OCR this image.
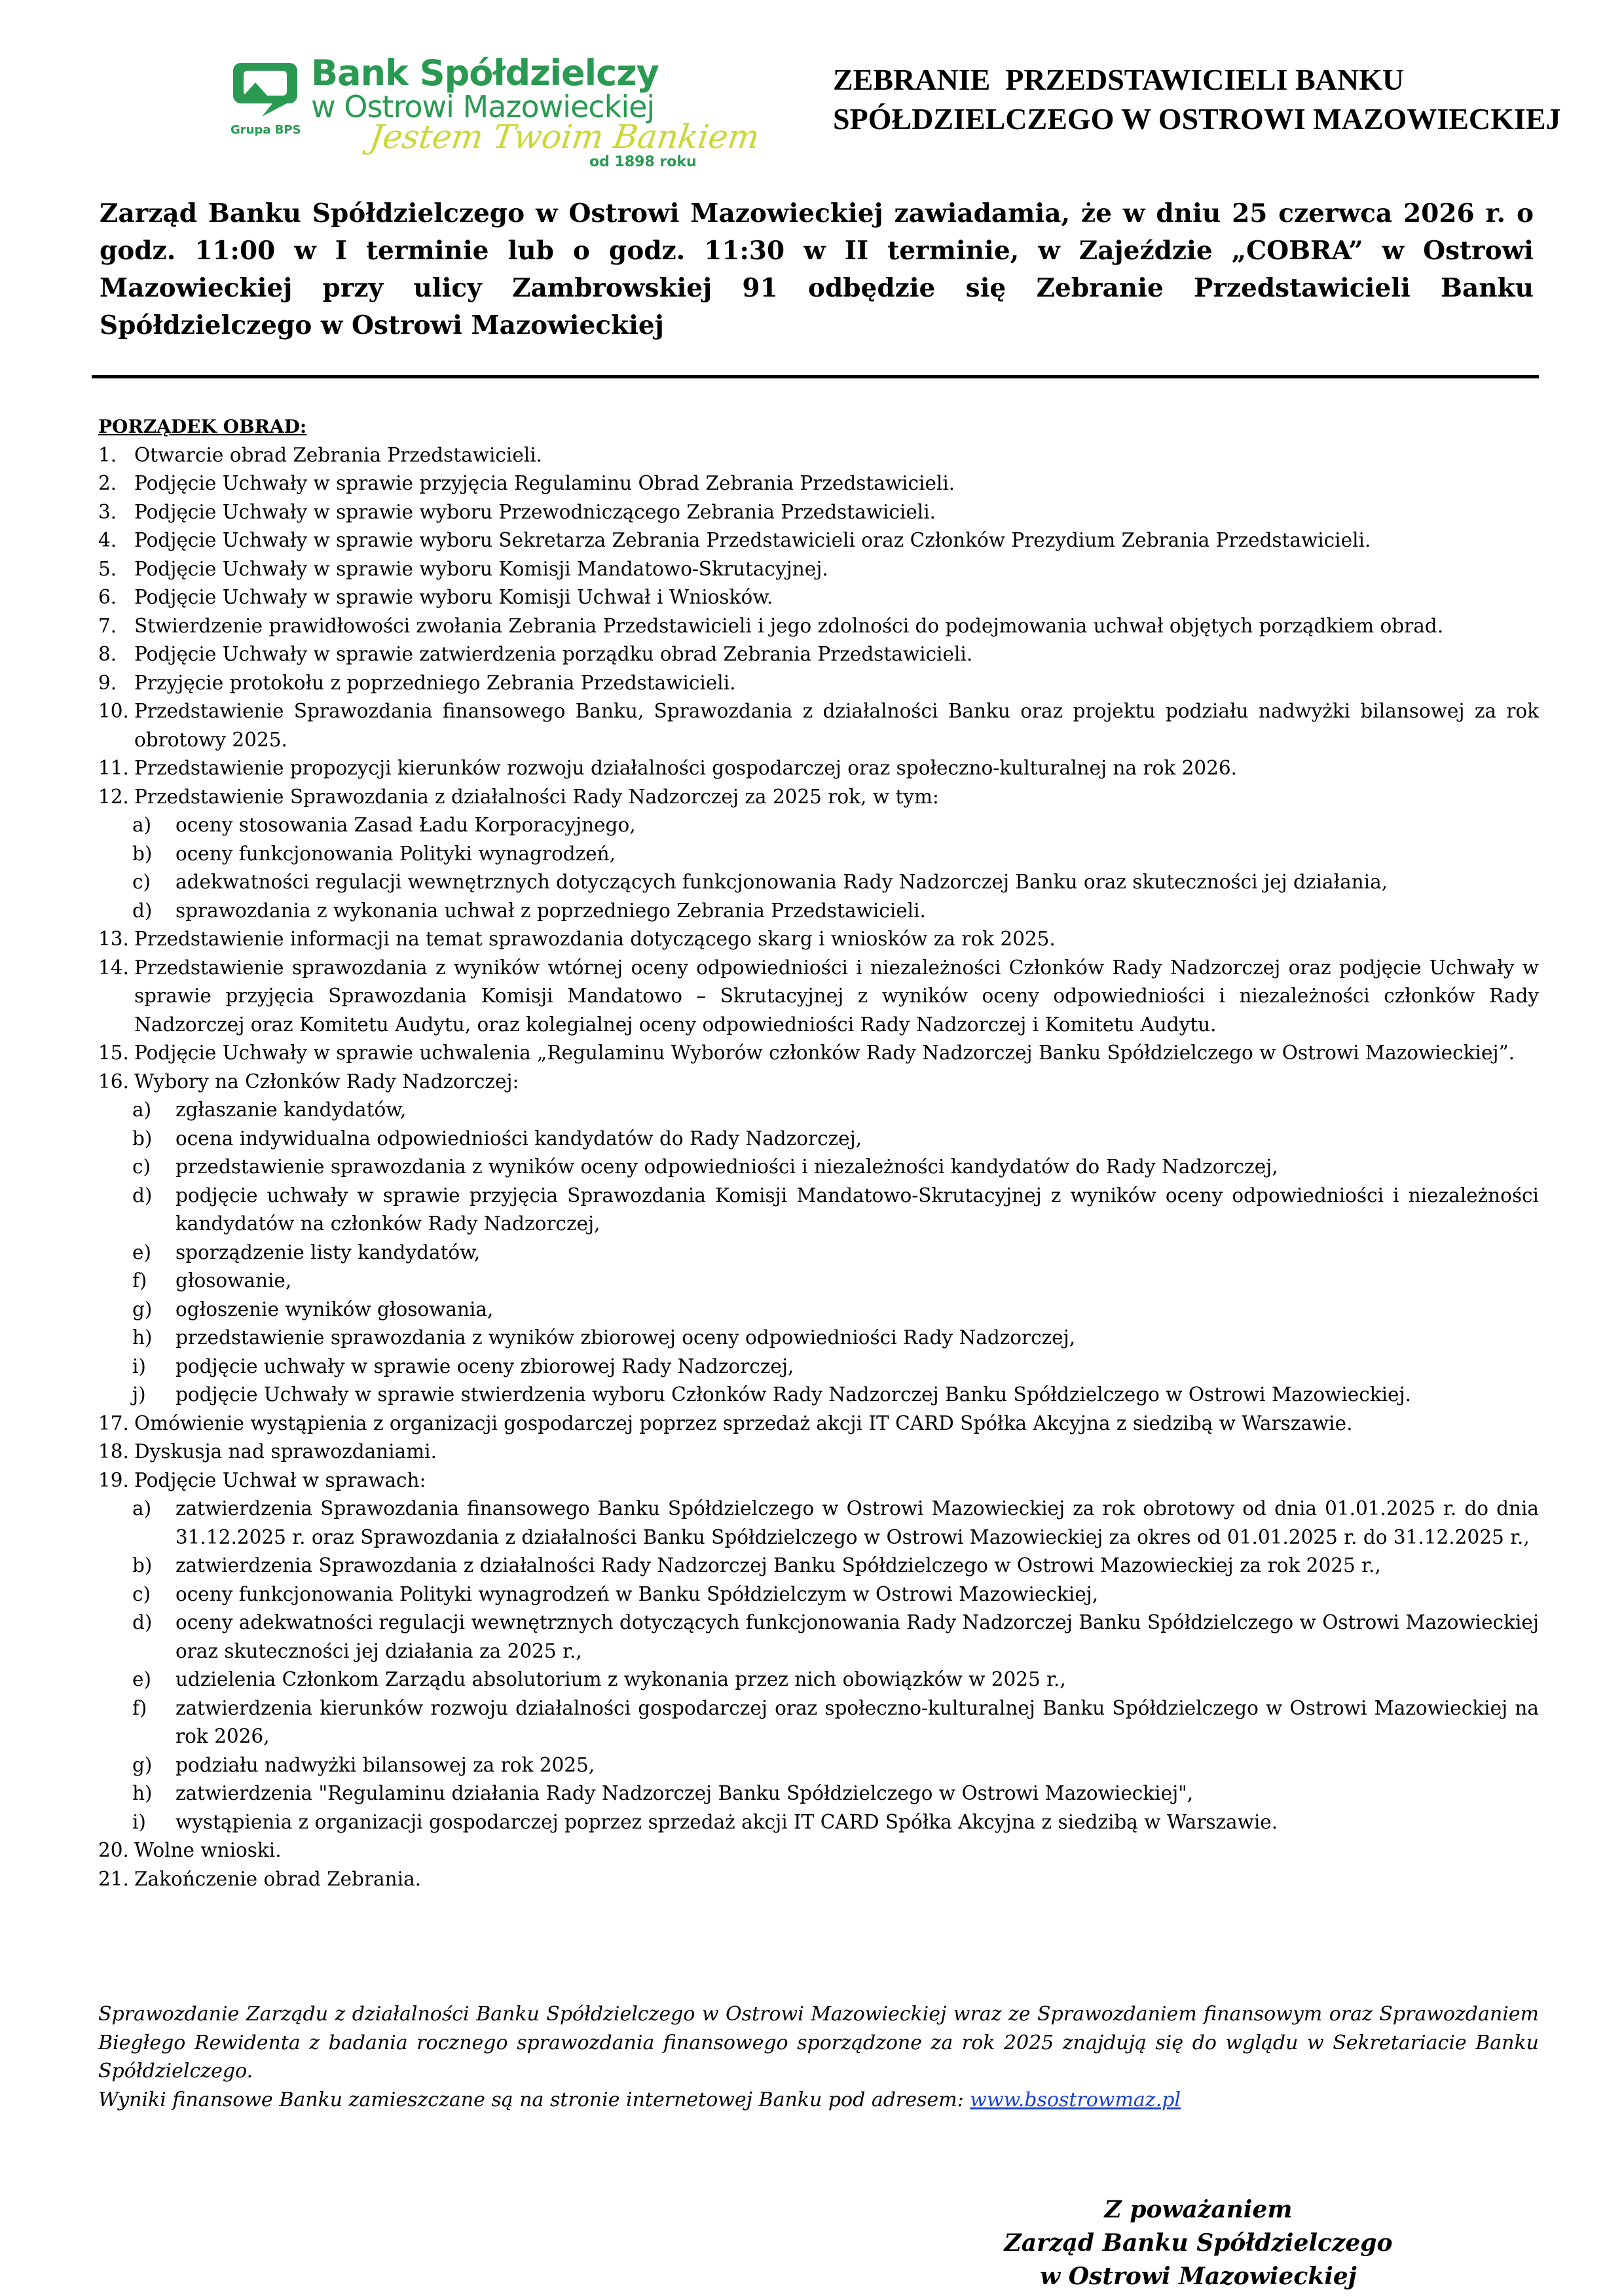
Bank Spółdzielczy
w Ostrowi Mazowieckiej
Grupa BPS Jestem Twoim Bankiem
od 1898 roku
ZEBRANIE  PRZEDSTAWICIELI BANKU
SPÓŁDZIELCZEGO W OSTROWI MAZOWIECKIEJ
Zarząd Banku Spółdzielczego w Ostrowi Mazowieckiej zawiadamia, że w dniu 25 czerwca 2026 r. o godz. 11:00 w I terminie lub o godz. 11:30 w II terminie, w Zajeździe „COBRA” w Ostrowi Mazowieckiej przy ulicy Zambrowskiej 91 odbędzie się Zebranie Przedstawicieli Banku Spółdzielczego w Ostrowi Mazowieckiej
PORZĄDEK OBRAD:
1. Otwarcie obrad Zebrania Przedstawicieli.
2. Podjęcie Uchwały w sprawie przyjęcia Regulaminu Obrad Zebrania Przedstawicieli.
3. Podjęcie Uchwały w sprawie wyboru Przewodniczącego Zebrania Przedstawicieli.
4. Podjęcie Uchwały w sprawie wyboru Sekretarza Zebrania Przedstawicieli oraz Członków Prezydium Zebrania Przedstawicieli.
5. Podjęcie Uchwały w sprawie wyboru Komisji Mandatowo-Skrutacyjnej.
6. Podjęcie Uchwały w sprawie wyboru Komisji Uchwał i Wniosków.
7. Stwierdzenie prawidłowości zwołania Zebrania Przedstawicieli i jego zdolności do podejmowania uchwał objętych porządkiem obrad.
8. Podjęcie Uchwały w sprawie zatwierdzenia porządku obrad Zebrania Przedstawicieli.
9. Przyjęcie protokołu z poprzedniego Zebrania Przedstawicieli.
10. Przedstawienie Sprawozdania finansowego Banku, Sprawozdania z działalności Banku oraz projektu podziału nadwyżki bilansowej za rok obrotowy 2025.
11. Przedstawienie propozycji kierunków rozwoju działalności gospodarczej oraz społeczno-kulturalnej na rok 2026.
12. Przedstawienie Sprawozdania z działalności Rady Nadzorczej za 2025 rok, w tym:
a) oceny stosowania Zasad Ładu Korporacyjnego,
b) oceny funkcjonowania Polityki wynagrodzeń,
c) adekwatności regulacji wewnętrznych dotyczących funkcjonowania Rady Nadzorczej Banku oraz skuteczności jej działania,
d) sprawozdania z wykonania uchwał z poprzedniego Zebrania Przedstawicieli.
13. Przedstawienie informacji na temat sprawozdania dotyczącego skarg i wniosków za rok 2025.
14. Przedstawienie sprawozdania z wyników wtórnej oceny odpowiedniości i niezależności Członków Rady Nadzorczej oraz podjęcie Uchwały w sprawie przyjęcia Sprawozdania Komisji Mandatowo – Skrutacyjnej z wyników oceny odpowiedniości i niezależności członków Rady Nadzorczej oraz Komitetu Audytu, oraz kolegialnej oceny odpowiedniości Rady Nadzorczej i Komitetu Audytu.
15. Podjęcie Uchwały w sprawie uchwalenia „Regulaminu Wyborów członków Rady Nadzorczej Banku Spółdzielczego w Ostrowi Mazowieckiej”.
16. Wybory na Członków Rady Nadzorczej:
a) zgłaszanie kandydatów,
b) ocena indywidualna odpowiedniości kandydatów do Rady Nadzorczej,
c) przedstawienie sprawozdania z wyników oceny odpowiedniości i niezależności kandydatów do Rady Nadzorczej,
d) podjęcie uchwały w sprawie przyjęcia Sprawozdania Komisji Mandatowo-Skrutacyjnej z wyników oceny odpowiedniości i niezależności kandydatów na członków Rady Nadzorczej,
e) sporządzenie listy kandydatów,
f) głosowanie,
g) ogłoszenie wyników głosowania,
h) przedstawienie sprawozdania z wyników zbiorowej oceny odpowiedniości Rady Nadzorczej,
i) podjęcie uchwały w sprawie oceny zbiorowej Rady Nadzorczej,
j) podjęcie Uchwały w sprawie stwierdzenia wyboru Członków Rady Nadzorczej Banku Spółdzielczego w Ostrowi Mazowieckiej.
17. Omówienie wystąpienia z organizacji gospodarczej poprzez sprzedaż akcji IT CARD Spółka Akcyjna z siedzibą w Warszawie.
18. Dyskusja nad sprawozdaniami.
19. Podjęcie Uchwał w sprawach:
a) zatwierdzenia Sprawozdania finansowego Banku Spółdzielczego w Ostrowi Mazowieckiej za rok obrotowy od dnia 01.01.2025 r. do dnia 31.12.2025 r. oraz Sprawozdania z działalności Banku Spółdzielczego w Ostrowi Mazowieckiej za okres od 01.01.2025 r. do 31.12.2025 r.,
b) zatwierdzenia Sprawozdania z działalności Rady Nadzorczej Banku Spółdzielczego w Ostrowi Mazowieckiej za rok 2025 r.,
c) oceny funkcjonowania Polityki wynagrodzeń w Banku Spółdzielczym w Ostrowi Mazowieckiej,
d) oceny adekwatności regulacji wewnętrznych dotyczących funkcjonowania Rady Nadzorczej Banku Spółdzielczego w Ostrowi Mazowieckiej oraz skuteczności jej działania za 2025 r.,
e) udzielenia Członkom Zarządu absolutorium z wykonania przez nich obowiązków w 2025 r.,
f) zatwierdzenia kierunków rozwoju działalności gospodarczej oraz społeczno-kulturalnej Banku Spółdzielczego w Ostrowi Mazowieckiej na rok 2026,
g) podziału nadwyżki bilansowej za rok 2025,
h) zatwierdzenia "Regulaminu działania Rady Nadzorczej Banku Spółdzielczego w Ostrowi Mazowieckiej",
i) wystąpienia z organizacji gospodarczej poprzez sprzedaż akcji IT CARD Spółka Akcyjna z siedzibą w Warszawie.
20. Wolne wnioski.
21. Zakończenie obrad Zebrania.
Sprawozdanie Zarządu z działalności Banku Spółdzielczego w Ostrowi Mazowieckiej wraz ze Sprawozdaniem finansowym oraz Sprawozdaniem Biegłego Rewidenta z badania rocznego sprawozdania finansowego sporządzone za rok 2025 znajdują się do wglądu w Sekretariacie Banku Spółdzielczego.
Wyniki finansowe Banku zamieszczane są na stronie internetowej Banku pod adresem: www.bsostrowmaz.pl
Z poważaniem
Zarząd Banku Spółdzielczego
w Ostrowi Mazowieckiej
